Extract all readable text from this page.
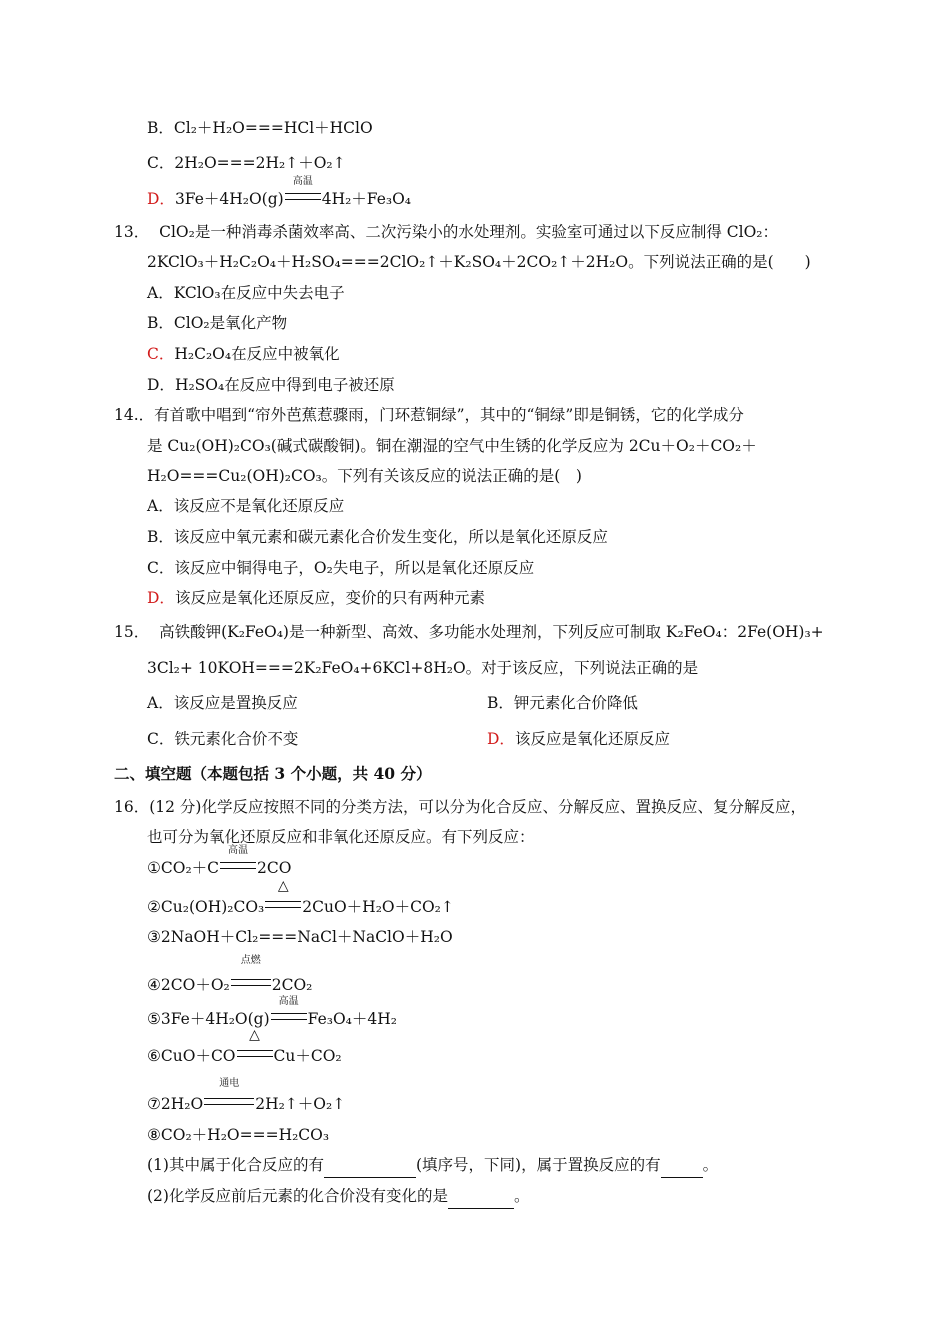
B．Cl₂＋H₂O===HCl＋HClO
C．2H₂O===2H₂↑＋O₂↑
D．3Fe＋4H₂O(g)
高温
4H₂＋Fe₃O₄
13． ClO₂是一种消毒杀菌效率高、二次污染小的水处理剂。实验室可通过以下反应制得 ClO₂：
2KClO₃＋H₂C₂O₄＋H₂SO₄===2ClO₂↑＋K₂SO₄＋2CO₂↑＋2H₂O。下列说法正确的是(　　)
A．KClO₃在反应中失去电子
B．ClO₂是氧化产物
C．H₂C₂O₄在反应中被氧化
D．H₂SO₄在反应中得到电子被还原
14.．有首歌中唱到“帘外芭蕉惹骤雨，门环惹铜绿”，其中的“铜绿”即是铜锈，它的化学成分
是 Cu₂(OH)₂CO₃(碱式碳酸铜)。铜在潮湿的空气中生锈的化学反应为 2Cu＋O₂＋CO₂＋
H₂O===Cu₂(OH)₂CO₃。下列有关该反应的说法正确的是(　)
A．该反应不是氧化还原反应
B．该反应中氧元素和碳元素化合价发生变化，所以是氧化还原反应
C．该反应中铜得电子，O₂失电子，所以是氧化还原反应
D．该反应是氧化还原反应，变价的只有两种元素
15． 高铁酸钾(K₂FeO₄)是一种新型、高效、多功能水处理剂，下列反应可制取 K₂FeO₄：2Fe(OH)₃+
3Cl₂+ 10KOH===2K₂FeO₄+6KCl+8H₂O。对于该反应，下列说法正确的是
A．该反应是置换反应	B．钾元素化合价降低
C．铁元素化合价不变	D．该反应是氧化还原反应
二、填空题（本题包括 3 个小题，共 40 分）
16．(12 分)化学反应按照不同的分类方法，可以分为化合反应、分解反应、置换反应、复分解反应，
也可分为氧化还原反应和非氧化还原反应。有下列反应：
①CO₂＋C
高温
2CO
②Cu₂(OH)₂CO₃
△
2CuO＋H₂O＋CO₂↑
③2NaOH＋Cl₂===NaCl＋NaClO＋H₂O
④2CO＋O₂
点燃
2CO₂
⑤3Fe＋4H₂O(g)
高温
Fe₃O₄＋4H₂
⑥CuO＋CO
△
Cu＋CO₂
⑦2H₂O
通电
2H₂↑＋O₂↑
⑧CO₂＋H₂O===H₂CO₃
(1)其中属于化合反应的有	(填序号，下同)，属于置换反应的有	。
(2)化学反应前后元素的化合价没有变化的是	。
